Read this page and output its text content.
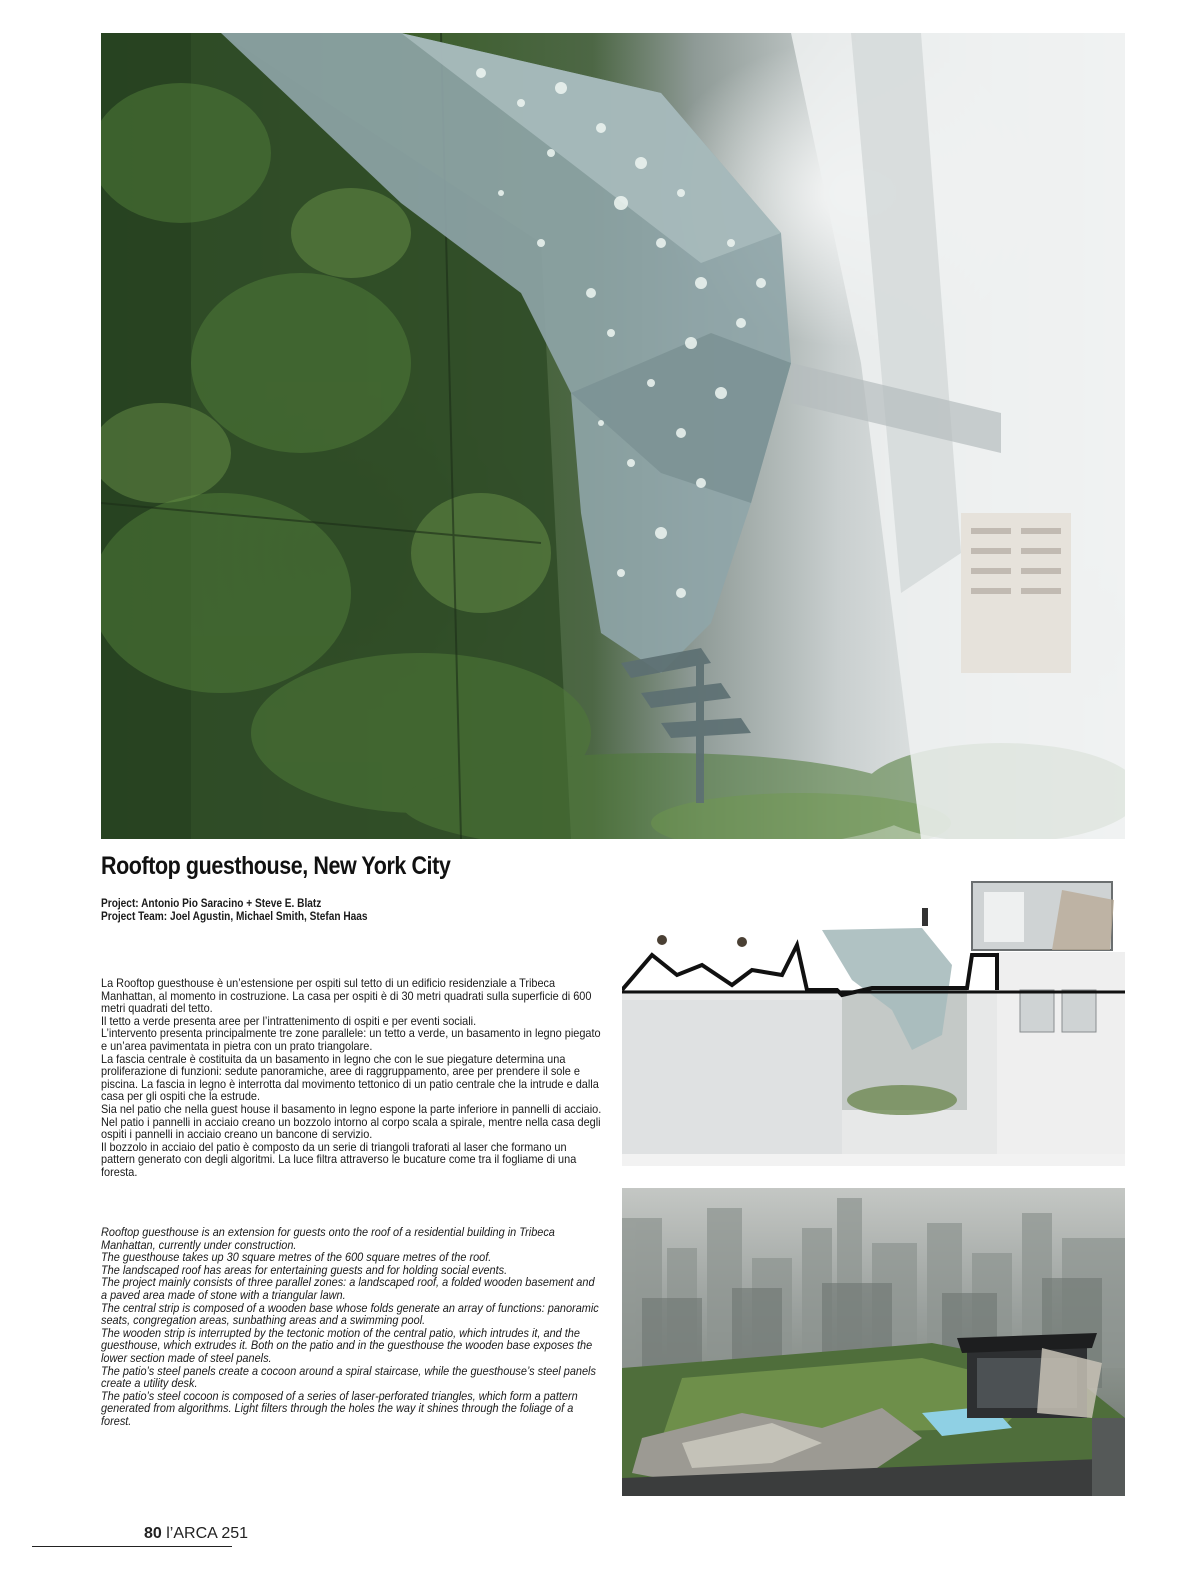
Rooftop guesthouse, New York City
Project: Antonio Pio Saracino + Steve E. Blatz
Project Team: Joel Agustin, Michael Smith, Stefan Haas

La Rooftop guesthouse è un’estensione per ospiti sul tetto di un edificio residenziale a Tribeca Manhattan, al momento in costruzione. La casa per ospiti è di 30 metri quadrati sulla superficie di 600 metri quadrati del tetto.

Il tetto a verde presenta aree per l’intrattenimento di ospiti e per eventi sociali.

L’intervento presenta principalmente tre zone parallele: un tetto a verde, un basamento in legno piegato e un’area pavimentata in pietra con un prato triangolare.

La fascia centrale è costituita da un basamento in legno che con le sue piegature determina una proliferazione di funzioni: sedute panoramiche, aree di raggruppamento, aree per prendere il sole e piscina. La fascia in legno è interrotta dal movimento tettonico di un patio centrale che la intrude e dalla casa per gli ospiti che la estrude.

Sia nel patio che nella guest house il basamento in legno espone la parte inferiore in pannelli di acciaio. Nel patio i pannelli in acciaio creano un bozzolo intorno al corpo scala a spirale, mentre nella casa degli ospiti i pannelli in acciaio creano un bancone di servizio.

Il bozzolo in acciaio del patio è composto da un serie di triangoli traforati al laser che formano un pattern generato con degli algoritmi. La luce filtra attraverso le bucature come tra il fogliame di una foresta.

Rooftop guesthouse is an extension for guests onto the roof of a residential building in Tribeca Manhattan, currently under construction.

The guesthouse takes up 30 square metres of the 600 square metres of the roof.

The landscaped roof has areas for entertaining guests and for holding social events.

The project mainly consists of three parallel zones: a landscaped roof, a folded wooden basement and a paved area made of stone with a triangular lawn.

The central strip is composed of a wooden base whose folds generate an array of functions: panoramic seats, congregation areas, sunbathing areas and a swimming pool.

The wooden strip is interrupted by the tectonic motion of the central patio, which intrudes it, and the guesthouse, which extrudes it. Both on the patio and in the guesthouse the wooden base exposes the lower section made of steel panels.

The patio’s steel panels create a cocoon around a spiral staircase, while the guesthouse’s steel panels create a utility desk.

The patio’s steel cocoon is composed of a series of laser-perforated triangles, which form a pattern generated from algorithms. Light filters through the holes the way it shines through the foliage of a forest.

80 l’ARCA 251
